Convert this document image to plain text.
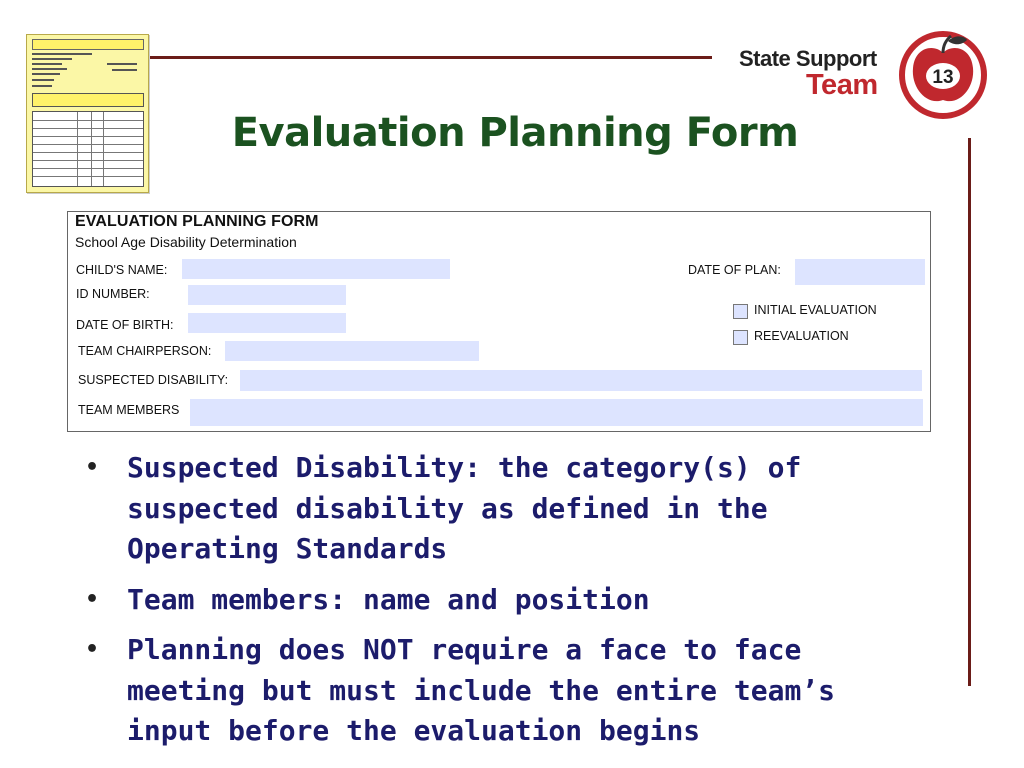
State Support
Team	13
Evaluation Planning Form
EVALUATION PLANNING FORM
School Age Disability Determination
CHILD'S NAME:	DATE OF PLAN:
ID NUMBER:
INITIAL EVALUATION
DATE OF BIRTH:
REEVALUATION
TEAM CHAIRPERSON:
SUSPECTED DISABILITY:
TEAM MEMBERS
• Suspected Disability: the category(s) of suspected disability as defined in the Operating Standards
• Team members: name and position
• Planning does NOT require a face to face meeting but must include the entire team’s input before the evaluation begins
